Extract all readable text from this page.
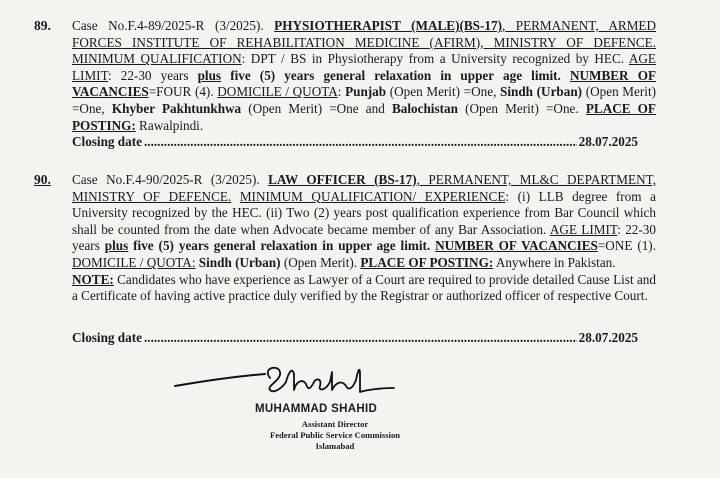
89. Case No.F.4-89/2025-R (3/2025). PHYSIOTHERAPIST (MALE)(BS-17), PERMANENT, ARMED FORCES INSTITUTE OF REHABILITATION MEDICINE (AFIRM), MINISTRY OF DEFENCE. MINIMUM QUALIFICATION: DPT / BS in Physiotherapy from a University recognized by HEC. AGE LIMIT: 22-30 years plus five (5) years general relaxation in upper age limit. NUMBER OF VACANCIES=FOUR (4). DOMICILE / QUOTA: Punjab (Open Merit) =One, Sindh (Urban) (Open Merit) =One, Khyber Pakhtunkhwa (Open Merit) =One and Balochistan (Open Merit) =One. PLACE OF POSTING: Rawalpindi.
Closing date .....	28.07.2025
90. Case No.F.4-90/2025-R (3/2025). LAW OFFICER (BS-17), PERMANENT, ML&C DEPARTMENT, MINISTRY OF DEFENCE. MINIMUM QUALIFICATION/ EXPERIENCE: (i) LLB degree from a University recognized by the HEC. (ii) Two (2) years post qualification experience from Bar Council which shall be counted from the date when Advocate became member of any Bar Association. AGE LIMIT: 22-30 years plus five (5) years general relaxation in upper age limit. NUMBER OF VACANCIES=ONE (1). DOMICILE / QUOTA: Sindh (Urban) (Open Merit). PLACE OF POSTING: Anywhere in Pakistan.
NOTE: Candidates who have experience as Lawyer of a Court are required to provide detailed Cause List and a Certificate of having active practice duly verified by the Registrar or authorized officer of respective Court.
Closing date .....	28.07.2025
MUHAMMAD SHAHID
Assistant Director
Federal Public Service Commission
Islamabad
